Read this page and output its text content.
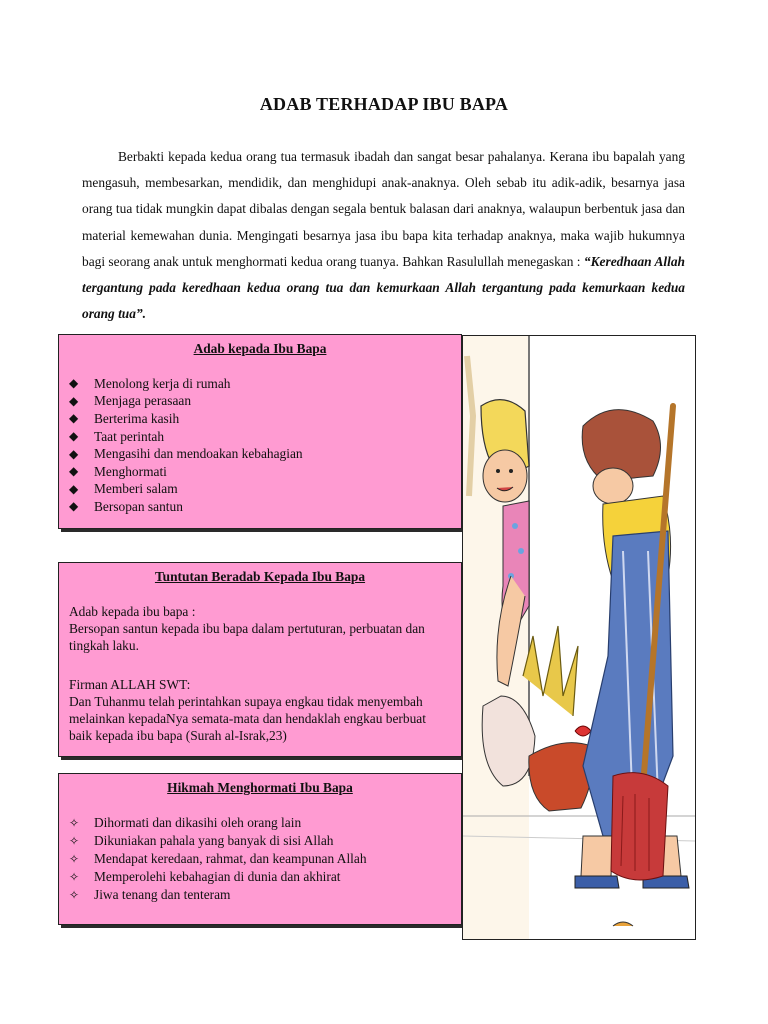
ADAB TERHADAP IBU BAPA
Berbakti kepada kedua orang tua termasuk ibadah dan sangat besar pahalanya. Kerana ibu bapalah yang mengasuh, membesarkan, mendidik, dan menghidupi anak-anaknya. Oleh sebab itu adik-adik, besarnya jasa orang tua tidak mungkin dapat dibalas dengan segala bentuk balasan dari anaknya, walaupun berbentuk jasa dan material kemewahan dunia. Mengingati besarnya jasa ibu bapa kita terhadap anaknya, maka wajib hukumnya bagi seorang anak untuk menghormati kedua orang tuanya. Bahkan Rasulullah menegaskan : “Keredhaan Allah tergantung pada keredhaan kedua orang tua dan kemurkaan Allah tergantung pada kemurkaan kedua orang tua”.
Adab kepada Ibu Bapa
◆	Menolong kerja di rumah
◆	Menjaga perasaan
◆	Berterima kasih
◆	Taat perintah
◆	Mengasihi dan mendoakan kebahagian
◆	Menghormati
◆	Memberi salam
◆	Bersopan santun
Tuntutan Beradab Kepada Ibu Bapa
Adab kepada ibu bapa :
Bersopan santun kepada ibu bapa dalam pertuturan, perbuatan dan tingkah laku.
Firman ALLAH SWT:
Dan Tuhanmu telah perintahkan supaya engkau tidak menyembah melainkan kepadaNya semata-mata dan hendaklah engkau berbuat baik kepada ibu bapa (Surah al-Israk,23)
Hikmah Menghormati Ibu Bapa
✧	Dihormati dan dikasihi oleh orang lain
✧	Dikuniakan pahala yang banyak di sisi Allah
✧	Mendapat keredaan, rahmat, dan keampunan Allah
✧	Memperolehi kebahagian di dunia dan akhirat
✧	Jiwa tenang dan tenteram
